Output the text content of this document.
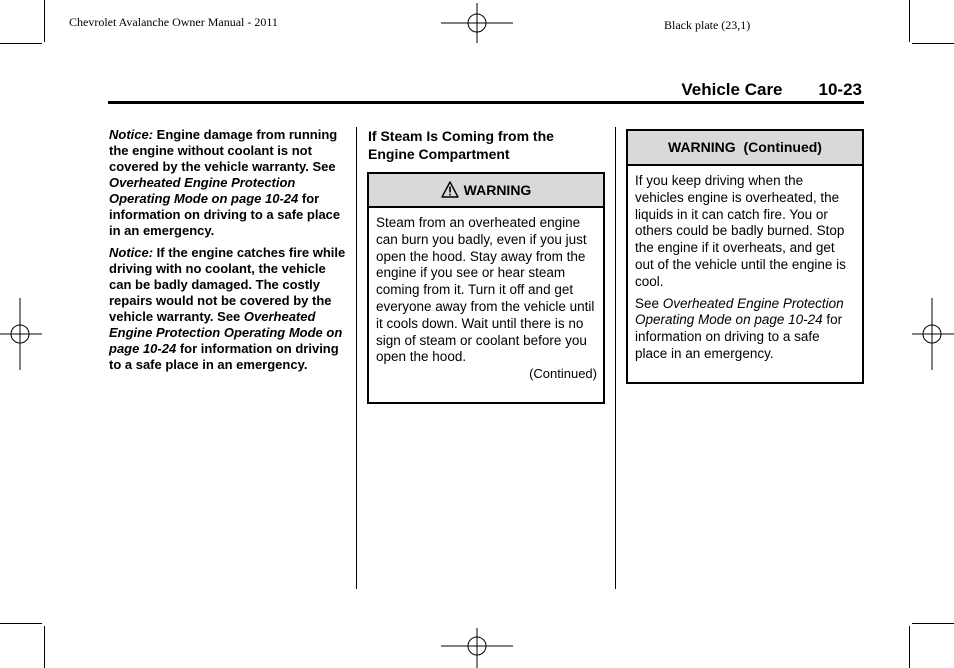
Chevrolet Avalanche Owner Manual - 2011	Black plate (23,1)
Vehicle Care 10-23

Notice: Engine damage from running the engine without coolant is not covered by the vehicle warranty. See Overheated Engine Protection Operating Mode on page 10-24 for information on driving to a safe place in an emergency.

Notice: If the engine catches fire while driving with no coolant, the vehicle can be badly damaged. The costly repairs would not be covered by the vehicle warranty. See Overheated Engine Protection Operating Mode on page 10-24 for information on driving to a safe place in an emergency.

If Steam Is Coming from the Engine Compartment
WARNING

Steam from an overheated engine can burn you badly, even if you just open the hood. Stay away from the engine if you see or hear steam coming from it. Turn it off and get everyone away from the vehicle until it cools down. Wait until there is no sign of steam or coolant before you open the hood.

(Continued)
WARNING  (Continued)

If you keep driving when the vehicles engine is overheated, the liquids in it can catch fire. You or others could be badly burned. Stop the engine if it overheats, and get out of the vehicle until the engine is cool.

See Overheated Engine Protection Operating Mode on page 10-24 for information on driving to a safe place in an emergency.
